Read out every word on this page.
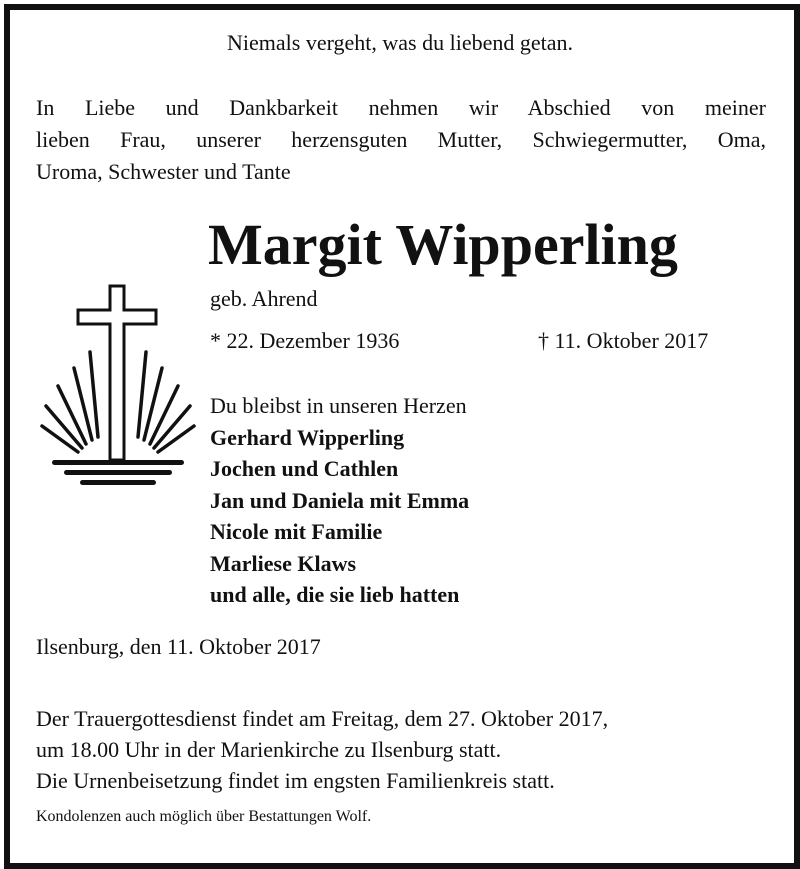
Niemals vergeht, was du liebend getan.
In Liebe und Dankbarkeit nehmen wir Abschied von meiner
lieben Frau, unserer herzensguten Mutter, Schwiegermutter, Oma,
Uroma, Schwester und Tante
Margit Wipperling
geb. Ahrend
* 22. Dezember 1936	† 11. Oktober 2017
Du bleibst in unseren Herzen
Gerhard Wipperling
Jochen und Cathlen
Jan und Daniela mit Emma
Nicole mit Familie
Marliese Klaws
und alle, die sie lieb hatten
Ilsenburg, den 11. Oktober 2017
Der Trauergottesdienst findet am Freitag, dem 27. Oktober 2017,
um 18.00 Uhr in der Marienkirche zu Ilsenburg statt.
Die Urnenbeisetzung findet im engsten Familienkreis statt.
Kondolenzen auch möglich über Bestattungen Wolf.
